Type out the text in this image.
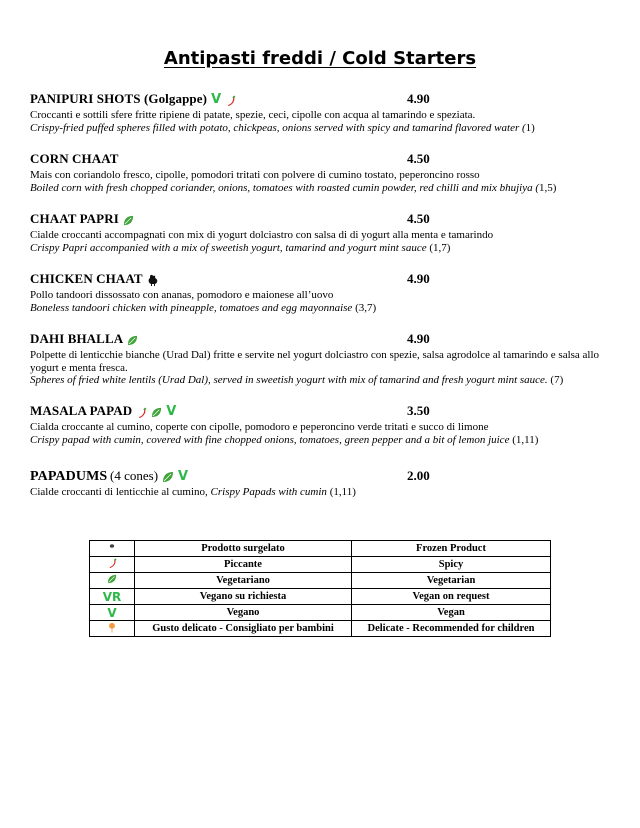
Antipasti freddi / Cold Starters
PANIPURI SHOTS (Golgappe) V	4.90
Croccanti e sottili sfere fritte ripiene di patate, spezie, ceci, cipolle con acqua al tamarindo e speziata.
Crispy-fried puffed spheres filled with potato, chickpeas, onions served with spicy and tamarind flavored water (1)
CORN CHAAT	4.50
Mais con coriandolo fresco, cipolle, pomodori tritati con polvere di cumino tostato, peperoncino rosso
Boiled corn with fresh chopped coriander, onions, tomatoes with roasted cumin powder, red chilli and mix bhujiya (1,5)
CHAAT PAPRI	4.50
Cialde croccanti accompagnati con mix di yogurt dolciastro con salsa di di yogurt alla menta e tamarindo
Crispy Papri accompanied with a mix of sweetish yogurt, tamarind and yogurt mint sauce (1,7)
CHICKEN CHAAT	4.90
Pollo tandoori dissossato con ananas, pomodoro e maionese all’uovo
Boneless tandoori chicken with pineapple, tomatoes and egg mayonnaise (3,7)
DAHI BHALLA	4.90
Polpette di lenticchie bianche (Urad Dal) fritte e servite nel yogurt dolciastro con spezie, salsa agrodolce al tamarindo e salsa allo yogurt e menta fresca.
Spheres of fried white lentils (Urad Dal), served in sweetish yogurt with mix of tamarind and fresh yogurt mint sauce. (7)
MASALA PAPAD	V	3.50
Cialda croccante al cumino, coperte con cipolle, pomodoro e peperoncino verde tritati e succo di limone
Crispy papad with cumin, covered with fine chopped onions, tomatoes, green pepper and a bit of lemon juice (1,11)
PAPADUMS (4 cones) V	2.00
Cialde croccanti di lenticchie al cumino, Crispy Papads with cumin (1,11)
*	Prodotto surgelato	Frozen Product
	Piccante	Spicy
	Vegetariano	Vegetarian
VR	Vegano su richiesta	Vegan on request
V	Vegano	Vegan
	Gusto delicato - Consigliato per bambini	Delicate - Recommended for children
